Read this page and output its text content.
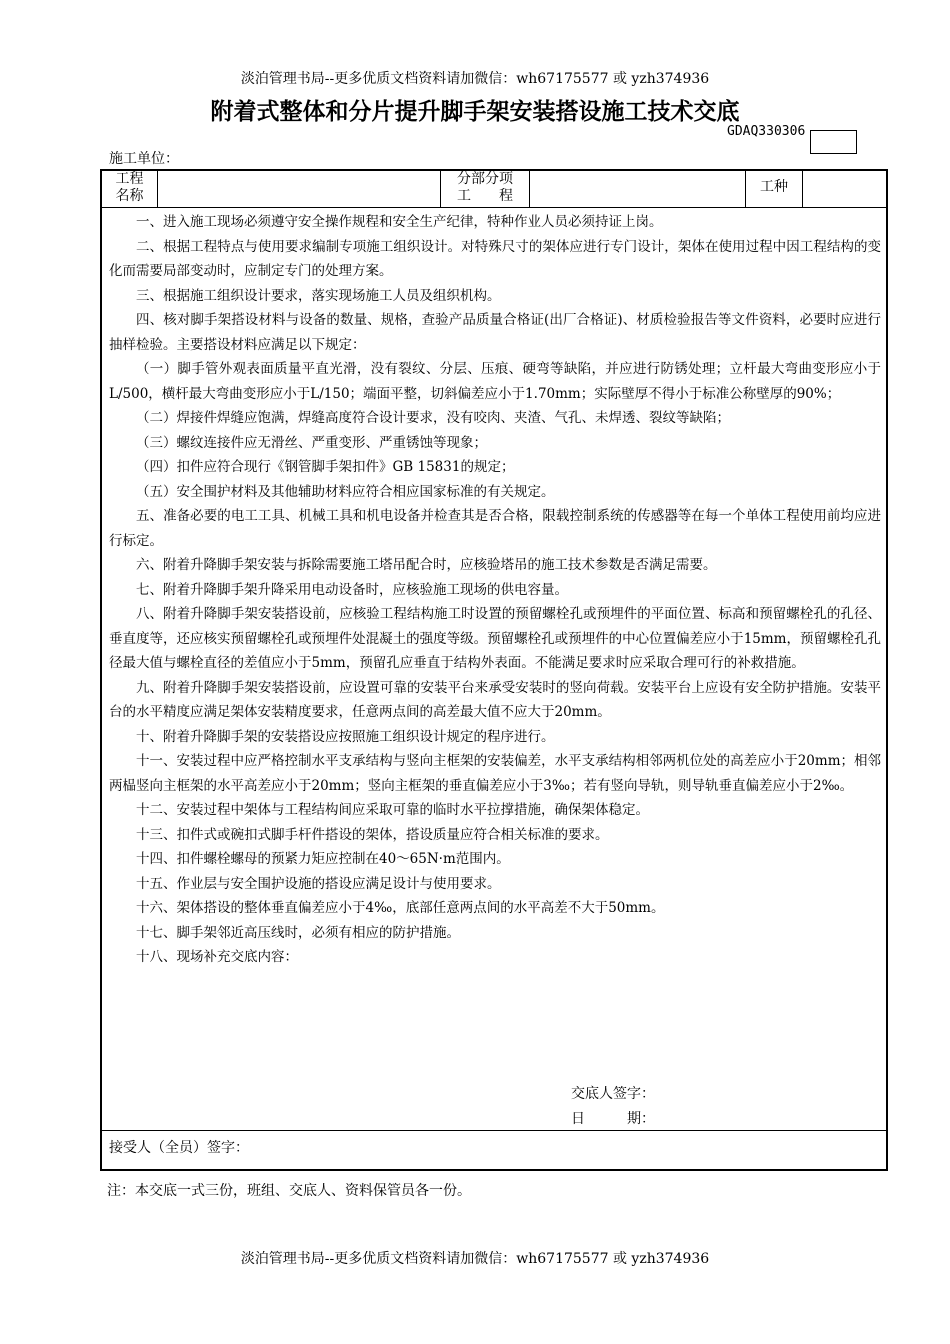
淡泊管理书局--更多优质文档资料请加微信：wh67175577 或 yzh374936
附着式整体和分片提升脚手架安装搭设施工技术交底
GDAQ330306
施工单位：
工程
名称
分部分项
工　　程
工种

一、进入施工现场必须遵守安全操作规程和安全生产纪律，特种作业人员必须持证上岗。

二、根据工程特点与使用要求编制专项施工组织设计。对特殊尺寸的架体应进行专门设计，架体在使用过程中因工程结构的变化而需要局部变动时，应制定专门的处理方案。

三、根据施工组织设计要求，落实现场施工人员及组织机构。

四、核对脚手架搭设材料与设备的数量、规格，查验产品质量合格证(出厂合格证)、材质检验报告等文件资料，必要时应进行抽样检验。主要搭设材料应满足以下规定：

（一）脚手管外观表面质量平直光滑，没有裂纹、分层、压痕、硬弯等缺陷，并应进行防锈处理；立杆最大弯曲变形应小于L/500，横杆最大弯曲变形应小于L/150；端面平整，切斜偏差应小于1.70mm；实际壁厚不得小于标准公称壁厚的90%；

（二）焊接件焊缝应饱满，焊缝高度符合设计要求，没有咬肉、夹渣、气孔、未焊透、裂纹等缺陷；

（三）螺纹连接件应无滑丝、严重变形、严重锈蚀等现象；

（四）扣件应符合现行《钢管脚手架扣件》GB 15831的规定；

（五）安全围护材料及其他辅助材料应符合相应国家标准的有关规定。

五、准备必要的电工工具、机械工具和机电设备并检查其是否合格，限载控制系统的传感器等在每一个单体工程使用前均应进行标定。

六、附着升降脚手架安装与拆除需要施工塔吊配合时，应核验塔吊的施工技术参数是否满足需要。

七、附着升降脚手架升降采用电动设备时，应核验施工现场的供电容量。

八、附着升降脚手架安装搭设前，应核验工程结构施工时设置的预留螺栓孔或预埋件的平面位置、标高和预留螺栓孔的孔径、垂直度等，还应核实预留螺栓孔或预埋件处混凝土的强度等级。预留螺栓孔或预埋件的中心位置偏差应小于15mm，预留螺栓孔孔径最大值与螺栓直径的差值应小于5mm，预留孔应垂直于结构外表面。不能满足要求时应采取合理可行的补救措施。

九、附着升降脚手架安装搭设前，应设置可靠的安装平台来承受安装时的竖向荷载。安装平台上应设有安全防护措施。安装平台的水平精度应满足架体安装精度要求，任意两点间的高差最大值不应大于20mm。

十、附着升降脚手架的安装搭设应按照施工组织设计规定的程序进行。

十一、安装过程中应严格控制水平支承结构与竖向主框架的安装偏差，水平支承结构相邻两机位处的高差应小于20mm；相邻两榀竖向主框架的水平高差应小于20mm；竖向主框架的垂直偏差应小于3‰；若有竖向导轨，则导轨垂直偏差应小于2‰。

十二、安装过程中架体与工程结构间应采取可靠的临时水平拉撑措施，确保架体稳定。

十三、扣件式或碗扣式脚手杆件搭设的架体，搭设质量应符合相关标准的要求。

十四、扣件螺栓螺母的预紧力矩应控制在40～65N·m范围内。

十五、作业层与安全围护设施的搭设应满足设计与使用要求。

十六、架体搭设的整体垂直偏差应小于4‰，底部任意两点间的水平高差不大于50mm。

十七、脚手架邻近高压线时，必须有相应的防护措施。

十八、现场补充交底内容：

交底人签字：
日　　　期：
接受人（全员）签字：
注：本交底一式三份，班组、交底人、资料保管员各一份。
淡泊管理书局--更多优质文档资料请加微信：wh67175577 或 yzh374936
